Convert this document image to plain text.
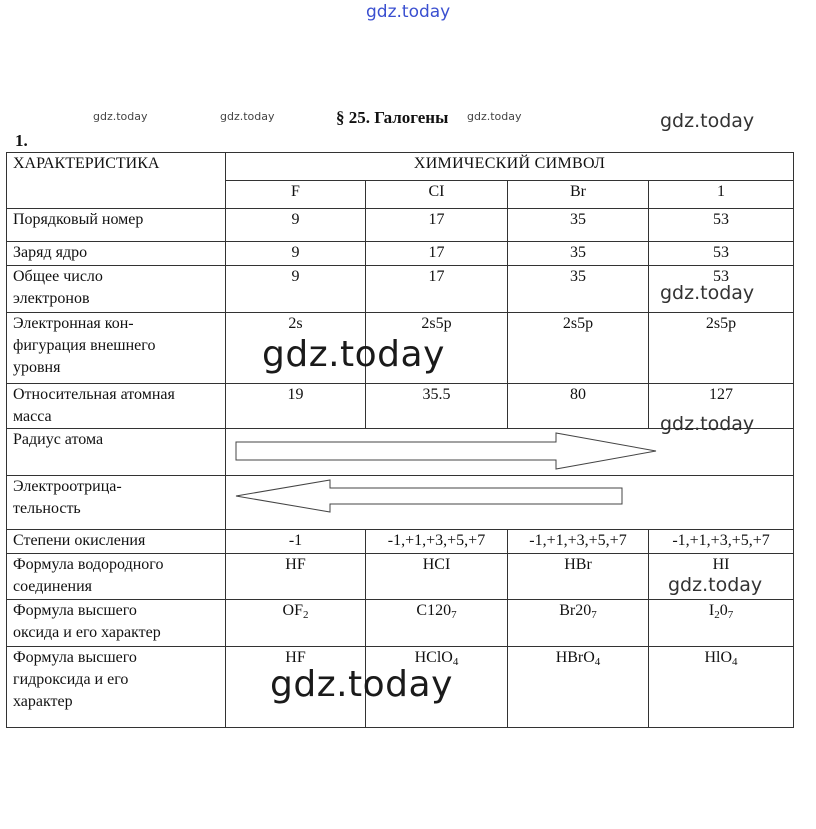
gdz.today
gdz.today	gdz.today	§ 25. Галогены gdz.today	gdz.today
1.
ХАРАКТЕРИСТИКА	ХИМИЧЕСКИЙ СИМВОЛ			
	F	CI	Br	1
Порядковый номер	9	17	35	53
Заряд ядро	9	17	35	53
Общее число
электронов	9	17	35	53
Электронная кон-
фигурация внешнего
уровня	2s	2s5p	2s5p	2s5p
Относительная атомная
масса	19	35.5	80	127
Радиус атома	

Электроотрица-
тельность	

Степени окисления	-1	-1,+1,+3,+5,+7	-1,+1,+3,+5,+7	-1,+1,+3,+5,+7
Формула водородного
соединения	HF	HCI	HBr	HI
Формула высшего
оксида и его характер	$OF_2$	$C120_7$	$Br20_7$	$I_20_7$
Формула высшего
гидроксида и его
характер	HF	HClO$_4$	HBrO$_4$	HlO$_4$
gdz.today
gdz.today
gdz.today
gdz.today
gdz.today
